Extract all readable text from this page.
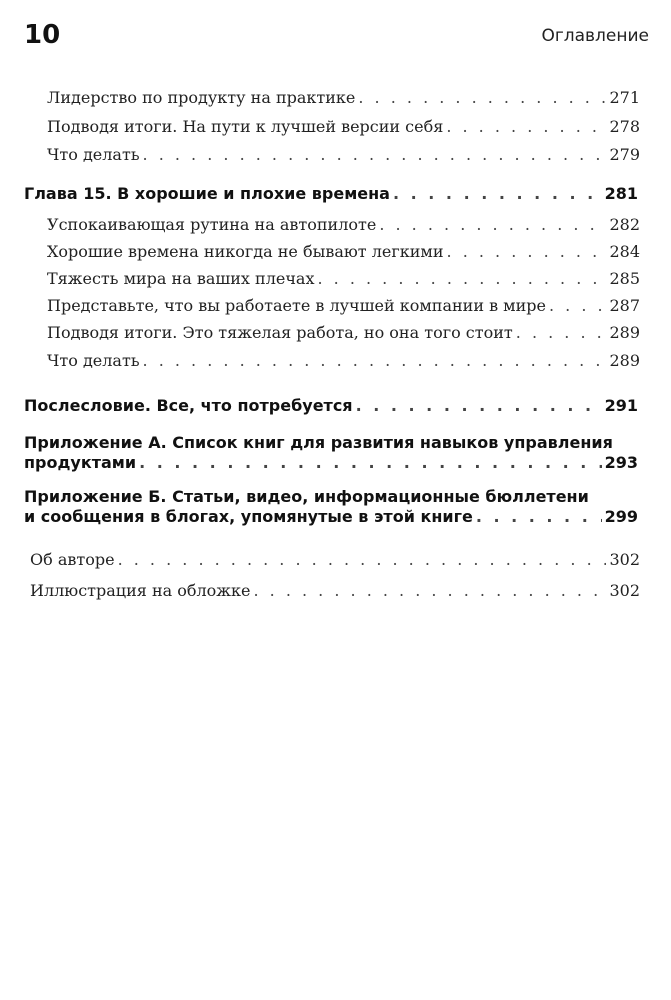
10	Оглавление
Лидерство по продукту на практике . . .	271
Подводя итоги. На пути к лучшей версии себя . . .	278
Что делать . . .	279
Глава 15. В хорошие и плохие времена . . .	281
Успокаивающая рутина на автопилоте . . .	282
Хорошие времена никогда не бывают легкими . . .	284
Тяжесть мира на ваших плечах . . .	285
Представьте, что вы работаете в лучшей компании в мире . . .	287
Подводя итоги. Это тяжелая работа, но она того стоит . . .	289
Что делать . . .	289
Послесловие. Все, что потребуется . . .	291
Приложение А. Список книг для развития навыков управления
продуктами . . .	293
Приложение Б. Статьи, видео, информационные бюллетени
и сообщения в блогах, упомянутые в этой книге . . .	299
Об авторе . . .	302
Иллюстрация на обложке . . .	302
